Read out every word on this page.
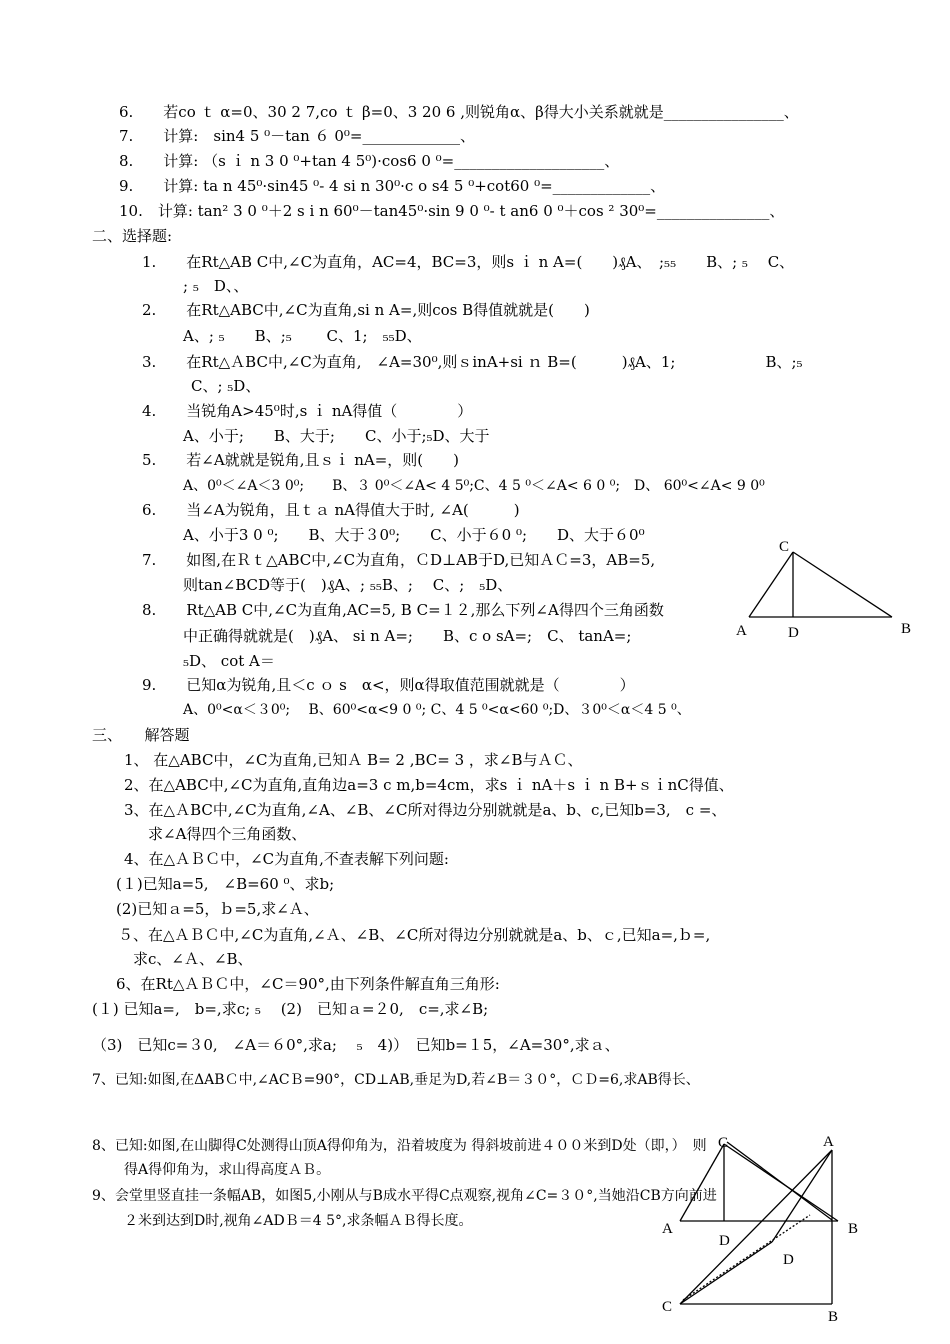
6.　　若co ｔ α=0、30 2 7,co ｔ β=0、3 20 6 ,则锐角α、β得大小关系就就是________________、
7.　　计算:　sin4 5 ⁰－tan ６ 0⁰=_____________、
8.　　计算: （s ｉ n 3 0 ⁰+tan 4 5⁰)·cos6 0 ⁰=____________________、
9.　　计算: ta n 45⁰·sin45 ⁰- 4 si n 30⁰·c o s4 5 ⁰+cot60 ⁰=_____________、
10.　计算: tan² 3 0 ⁰＋2 s i n 60⁰－tan45⁰·sin 9 0 ⁰- t an6 0 ⁰＋cos ² 30⁰=_______________、
二、选择题:
1.　　在Rt△AB C中,∠C为直角，AC=4，BC=3，则s ｉ n A=(　　)₰A、　;₅₅　　B、; ₅　 C、
; ₅　D、、
2.　　在Rt△ABC中,∠C为直角,si n A=,则cos B得值就就是(　　)
A、; ₅　　B、;₅　　 C、1;　₅₅D、
3.　　在Rt△ＡBC中,∠C为直角,　∠A=30⁰,则ｓinA+si ｎ B=(　　　)₰A、1;　　　　　　B、;₅
C、; ₅D、
4.　　当锐角A>45⁰时,s ｉ nA得值（　　　　）
A、小于;　　B、大于;　　C、小于;₅D、大于
5.　　若∠A就就是锐角,且ｓｉ nA=，则(　　)
A、0⁰＜∠A＜3 0⁰;　　B、３ 0⁰＜∠A< 4 5⁰;C、4 5 ⁰＜∠A< 6 0 ⁰;　D、 60⁰<∠A< 9 0⁰
6.　　当∠A为锐角，且ｔａ nA得值大于时, ∠A(　　　)
A、小于3 0 ⁰;　　B、大于３0⁰;　　C、小于６0 ⁰;　　D、大于６0⁰
7.　　如图,在Ｒｔ△ABC中,∠C为直角，ＣD⊥AB于D,已知ＡＣ=3，AB=5,
则tan∠BCD等于(　)₰A、; ₅₅B、;　 C、;　₅D、
8.　　Rt△AB C中,∠C为直角,AC=5, B C=１２,那么下列∠A得四个三角函数
中正确得就就是(　)₰A、 si n A=;　　B、c o sA=;　C、 tanA=;
₅D、 cot A＝
9.　　已知α为锐角,且＜c ｏ s　α<，则α得取值范围就就是（　　　　）
A、0⁰<α＜３0⁰;　 B、60⁰<α<9 0 ⁰; C、4 5 ⁰<α<60 ⁰;D、３0⁰＜α＜4 5 ⁰、
三、　　解答题
1、 在△ABC中，∠C为直角,已知Ａ B= 2 ,BC= 3 ，求∠B与ＡＣ、
2、在△ABC中,∠C为直角,直角边a=3 c m,b=4cm，求s ｉ nA＋s ｉ n B+ｓｉnC得值、
3、在△ＡBC中,∠C为直角,∠A、∠B、∠C所对得边分别就就是a、b、c,已知b=3,　c =、
求∠A得四个三角函数、
4、在△ＡＢＣ中，∠C为直角,不查表解下列问题:
(１)已知a=5,　∠B=60 ⁰、求b;
(2)已知ａ=5，ｂ=5,求∠Ａ、
５、在△ＡＢＣ中,∠C为直角,∠Ａ、∠B、∠C所对得边分别就就是a、b、ｃ,已知a=,ｂ=,
求c、∠Ａ、∠B、
6、在Rt△ＡＢＣ中，∠C＝90°,由下列条件解直角三角形:
(１) 已知a=,　b=,求c; ₅　 (2)　已知ａ=２0,　c=,求∠B;
（3)　已知c=３0,　∠A＝６0°,求a;　 ₅　4)）　已知b=１5，∠A=30°,求ａ、
7、已知:如图,在ΔABＣ中,∠ACＢ=90°，CD⊥AB,垂足为D,若∠B＝３０°，ＣＤ=6,求AB得长、
8、已知:如图,在山脚得C处测得山顶A得仰角为，沿着坡度为 得斜坡前进４００米到D处（即，）　则
得A得仰角为，求山得高度ＡＢ。
9、会堂里竖直挂一条幅AB，如图5,小刚从与B成水平得C点观察,视角∠C=３０°,当她沿CB方向前进
２米到达到D时,视角∠ADＢ＝4 5°,求条幅ＡＢ得长度。
C
A	D	B
C
A
D
B
A
C
D
B
